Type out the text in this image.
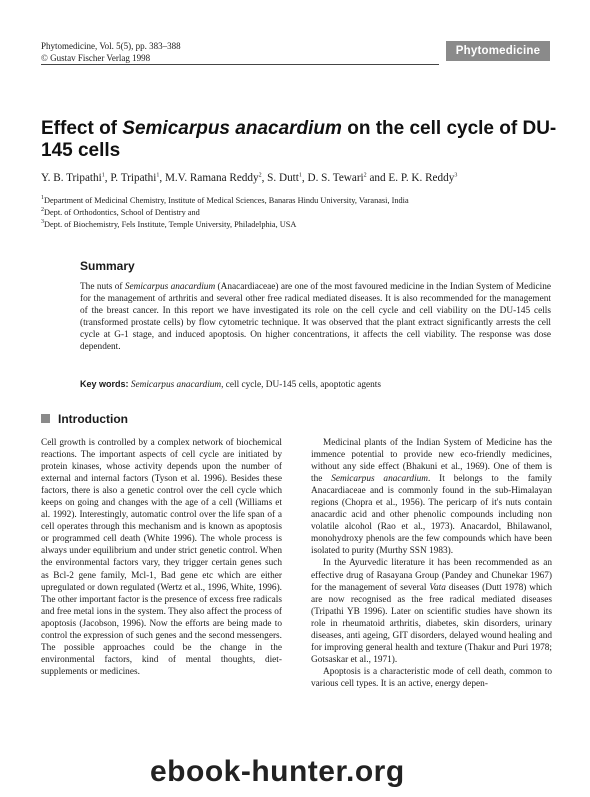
Phytomedicine, Vol. 5(5), pp. 383–388
© Gustav Fischer Verlag 1998
Phytomedicine
Effect of Semicarpus anacardium on the cell cycle of DU-145 cells
Y. B. Tripathi$^1$, P. Tripathi$^1$, M.V. Ramana Reddy$^2$, S. Dutt$^1$, D. S. Tewari$^2$ and E. P. K. Reddy$^3$
$^1$Department of Medicinal Chemistry, Institute of Medical Sciences, Banaras Hindu University, Varanasi, India
$^2$Dept. of Orthodontics, School of Dentistry and
$^3$Dept. of Biochemistry, Fels Institute, Temple University, Philadelphia, USA
Summary
The nuts of Semicarpus anacardium (Anacardiaceae) are one of the most favoured medicine in the Indian System of Medicine for the management of arthritis and several other free radical mediated diseases. It is also recommended for the management of the breast cancer. In this report we have investigated its role on the cell cycle and cell viability on the DU-145 cells (transformed prostate cells) by flow cytometric technique. It was observed that the plant extract significantly arrests the cell cycle at G-1 stage, and induced apoptosis. On higher concentrations, it affects the cell viability. The response was dose dependent.
Key words: Semicarpus anacardium, cell cycle, DU-145 cells, apoptotic agents
Introduction

Cell growth is controlled by a complex network of biochemical reactions. The important aspects of cell cycle are initiated by protein kinases, whose activity depends upon the number of external and internal factors (Tyson et al. 1996). Besides these factors, there is also a genetic control over the cell cycle which keeps on going and changes with the age of a cell (Williams et al. 1992). Interestingly, automatic control over the life span of a cell operates through this mechanism and is known as apoptosis or programmed cell death (White 1996). The whole process is always under equilibrium and under strict genetic control. When the environmental factors vary, they trigger certain genes such as Bcl-2 gene family, Mcl-1, Bad gene etc which are either upregulated or down regulated (Wertz et al., 1996, White, 1996). The other important factor is the presence of excess free radicals and free metal ions in the system. They also affect the process of apoptosis (Jacobson, 1996). Now the efforts are being made to control the expression of such genes and the second messengers. The possible approaches could be the change in the environmental factors, kind of mental thoughts, diet-supplements or medicines.

Medicinal plants of the Indian System of Medicine has the immence potential to provide new eco-friendly medicines, without any side effect (Bhakuni et al., 1969). One of them is the Semicarpus anacardium. It belongs to the family Anacardiaceae and is commonly found in the sub-Himalayan regions (Chopra et al., 1956). The pericarp of it's nuts contain anacardic acid and other phenolic compounds including non volatile alcohol (Rao et al., 1973). Anacardol, Bhilawanol, monohydroxy phenols are the few compounds which have been isolated to purity (Murthy SSN 1983).

In the Ayurvedic literature it has been recommended as an effective drug of Rasayana Group (Pandey and Chunekar 1967) for the management of several Vata diseases (Dutt 1978) which are now recognised as the free radical mediated diseases (Tripathi YB 1996). Later on scientific studies have shown its role in rheumatoid arthritis, diabetes, skin disorders, urinary diseases, anti ageing, GIT disorders, delayed wound healing and for improving general health and texture (Thakur and Puri 1978; Gotsaskar et al., 1971).

Apoptosis is a characteristic mode of cell death, common to various cell types. It is an active, energy depen-

ebook-hunter.org
